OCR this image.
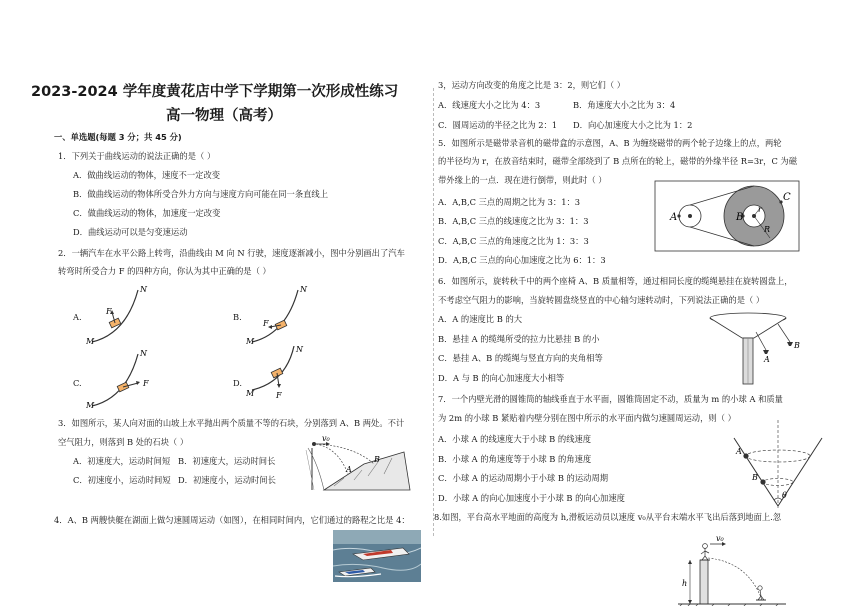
2023-2024 学年度黄花店中学下学期第一次形成性练习
高一物理（高考）
一、单选题(每题 3 分；共 45 分)
1．下列关于曲线运动的说法正确的是（ ）
A．做曲线运动的物体，速度不一定改变
B．做曲线运动的物体所受合外力方向与速度方向可能在同一条直线上
C．做曲线运动的物体，加速度一定改变
D．曲线运动可以是匀变速运动
2．一辆汽车在水平公路上转弯，沿曲线由 M 向 N 行驶，速度逐渐减小，图中分别画出了汽车
转弯时所受合力 F 的四种方向，你认为其中正确的是（ ）
A.
F
M
N
B.
F
M
N
C.	F
M
N
D.
F
M
N
3．如图所示，某人向对面的山坡上水平抛出两个质量不等的石块，分别落到 A、B 两处。不计
空气阻力，则落到 B 处的石块（ ）
A．初速度大，运动时间短 B．初速度大，运动时间长
C．初速度小，运动时间短 D．初速度小，运动时间长
v₀
A
B
4．A、B 两艘快艇在湖面上做匀速圆周运动（如图），在相同时间内，它们通过的路程之比是 4：
3，运动方向改变的角度之比是 3：2，则它们（ ）
A．线速度大小之比为 4：3	B．角速度大小之比为 3：4
C．圆周运动的半径之比为 2：1 D．向心加速度大小之比为 1：2
5．如图所示是磁带录音机的磁带盒的示意图，A、B 为缠绕磁带的两个轮子边缘上的点，两轮
的半径均为 r，在放音结束时，磁带全部绕到了 B 点所在的轮上，磁带的外缘半径 R=3r，C 为磁
带外缘上的一点．现在进行倒带，则此时（ ）
A．A,B,C 三点的周期之比为 3：1：3
B．A,B,C 三点的线速度之比为 3：1：3
C．A,B,C 三点的角速度之比为 1：3：3
D．A,B,C 三点的向心加速度之比为 6：1：3
A	B
C
r
R
6．如图所示，旋转秋千中的两个座椅 A、B 质量相等，通过相同长度的缆绳悬挂在旋转圆盘上，
不考虑空气阻力的影响，当旋转圆盘绕竖直的中心轴匀速转动时，下列说法正确的是（ ）
A．A 的速度比 B 的大
B．悬挂 A 的缆绳所受的拉力比悬挂 B 的小
C．悬挂 A、B 的缆绳与竖直方向的夹角相等
D．A 与 B 的向心加速度大小相等
A
B
7．一个内壁光滑的圆锥筒的轴线垂直于水平面，圆锥筒固定不动，质量为 m 的小球 A 和质量
为 2m 的小球 B 紧贴着内壁分别在图中所示的水平面内做匀速圆周运动，则（ ）
A．小球 A 的线速度大于小球 B 的线速度
B．小球 A 的角速度等于小球 B 的角速度
C．小球 A 的运动周期小于小球 B 的运动周期
D．小球 A 的向心加速度小于小球 B 的向心加速度
A
B
θ
8.如图，平台高水平地面的高度为 h,滑板运动员以速度 v₀从平台末端水平飞出后落到地面上.忽
h
v₀
